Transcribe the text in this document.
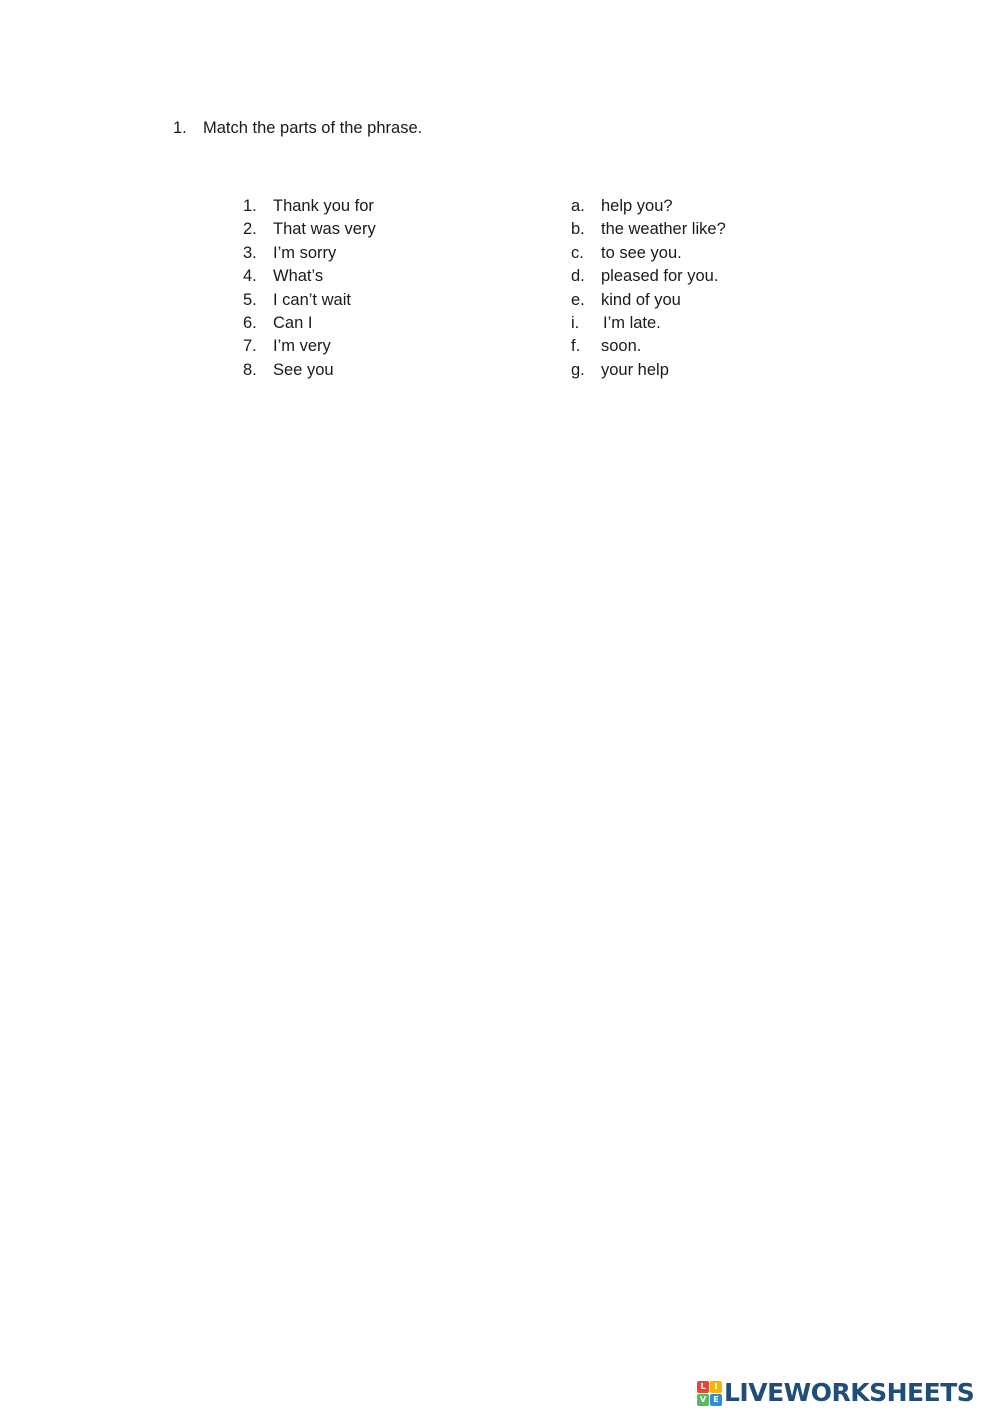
1. Match the parts of the phrase.
1. Thank you for
2. That was very
3. I’m sorry
4. What’s
5. I can’t wait
6. Can I
7. I’m very
8. See you
a. help you?
b. the weather like?
c. to see you.
d. pleased for you.
e. kind of you
i. I’m late.
f. soon.
g. your help
L	I
V E LIVEWORKSHEETS
